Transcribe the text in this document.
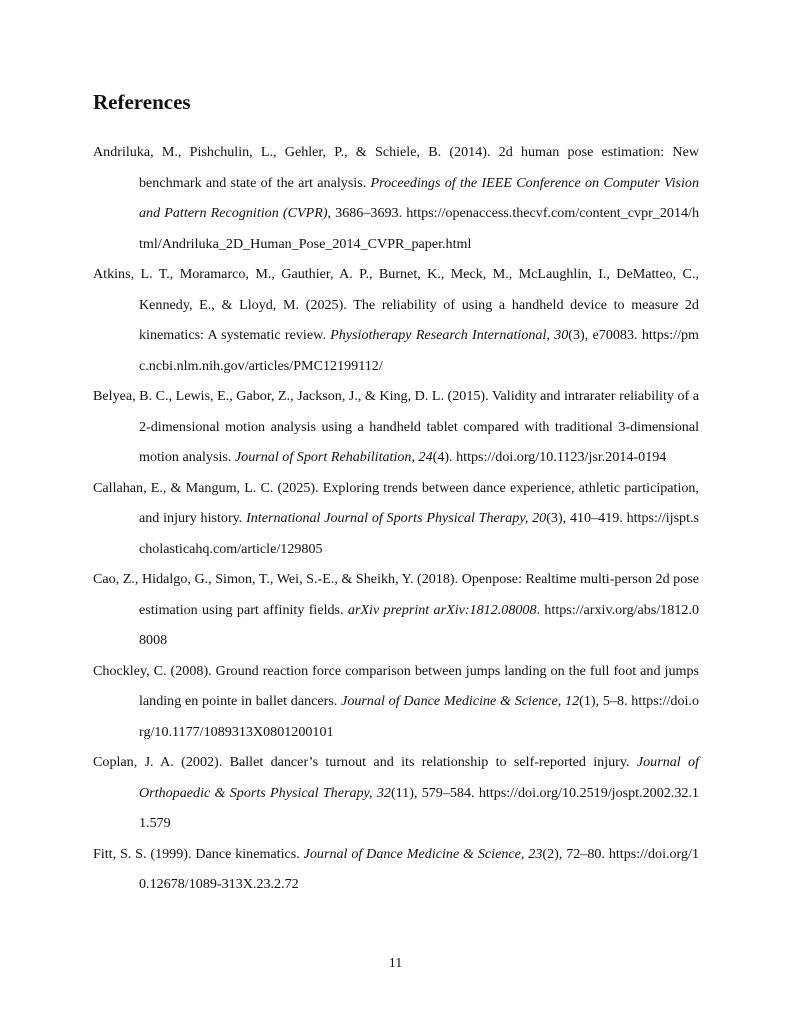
References
Andriluka, M., Pishchulin, L., Gehler, P., & Schiele, B. (2014). 2d human pose estimation: New benchmark and state of the art analysis. Proceedings of the IEEE Conference on Computer Vision and Pattern Recognition (CVPR), 3686–3693. https://openaccess.thecvf.com/content_cvpr_2014/html/Andriluka_2D_Human_Pose_2014_CVPR_paper.html
Atkins, L. T., Moramarco, M., Gauthier, A. P., Burnet, K., Meck, M., McLaughlin, I., DeMatteo, C., Kennedy, E., & Lloyd, M. (2025). The reliability of using a handheld device to measure 2d kinematics: A systematic review. Physiotherapy Research International, 30(3), e70083. https://pmc.ncbi.nlm.nih.gov/articles/PMC12199112/
Belyea, B. C., Lewis, E., Gabor, Z., Jackson, J., & King, D. L. (2015). Validity and intrarater reliability of a 2-dimensional motion analysis using a handheld tablet compared with traditional 3-dimensional motion analysis. Journal of Sport Rehabilitation, 24(4). https://doi.org/10.1123/jsr.2014-0194
Callahan, E., & Mangum, L. C. (2025). Exploring trends between dance experience, athletic participation, and injury history. International Journal of Sports Physical Therapy, 20(3), 410–419. https://ijspt.scholasticahq.com/article/129805
Cao, Z., Hidalgo, G., Simon, T., Wei, S.-E., & Sheikh, Y. (2018). Openpose: Realtime multi-person 2d pose estimation using part affinity fields. arXiv preprint arXiv:1812.08008. https://arxiv.org/abs/1812.08008
Chockley, C. (2008). Ground reaction force comparison between jumps landing on the full foot and jumps landing en pointe in ballet dancers. Journal of Dance Medicine & Science, 12(1), 5–8. https://doi.org/10.1177/1089313X0801200101
Coplan, J. A. (2002). Ballet dancer’s turnout and its relationship to self-reported injury. Journal of Orthopaedic & Sports Physical Therapy, 32(11), 579–584. https://doi.org/10.2519/jospt.2002.32.11.579
Fitt, S. S. (1999). Dance kinematics. Journal of Dance Medicine & Science, 23(2), 72–80. https://doi.org/10.12678/1089-313X.23.2.72
11
